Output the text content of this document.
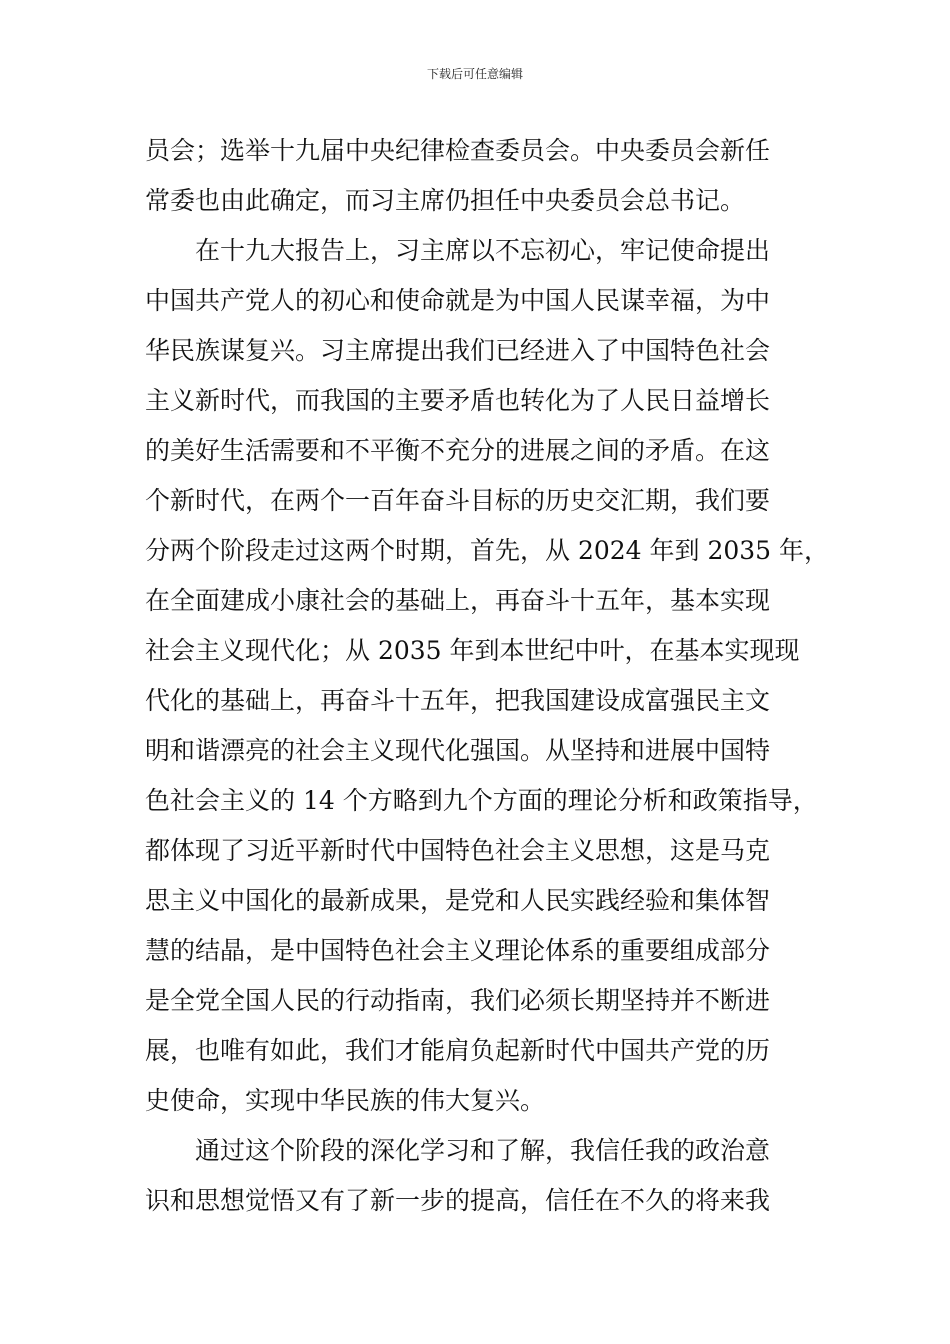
下载后可任意编辑
员会；选举十九届中央纪律检查委员会。中央委员会新任
常委也由此确定，而习主席仍担任中央委员会总书记。
在十九大报告上，习主席以不忘初心，牢记使命提出
中国共产党人的初心和使命就是为中国人民谋幸福，为中
华民族谋复兴。习主席提出我们已经进入了中国特色社会
主义新时代，而我国的主要矛盾也转化为了人民日益增长
的美好生活需要和不平衡不充分的进展之间的矛盾。在这
个新时代，在两个一百年奋斗目标的历史交汇期，我们要
分两个阶段走过这两个时期，首先，从 2024 年到 2035 年，
在全面建成小康社会的基础上，再奋斗十五年，基本实现
社会主义现代化；从 2035 年到本世纪中叶，在基本实现现
代化的基础上，再奋斗十五年，把我国建设成富强民主文
明和谐漂亮的社会主义现代化强国。从坚持和进展中国特
色社会主义的 14 个方略到九个方面的理论分析和政策指导，
都体现了习近平新时代中国特色社会主义思想，这是马克
思主义中国化的最新成果，是党和人民实践经验和集体智
慧的结晶，是中国特色社会主义理论体系的重要组成部分
是全党全国人民的行动指南，我们必须长期坚持并不断进
展，也唯有如此，我们才能肩负起新时代中国共产党的历
史使命，实现中华民族的伟大复兴。
通过这个阶段的深化学习和了解，我信任我的政治意
识和思想觉悟又有了新一步的提高，信任在不久的将来我
